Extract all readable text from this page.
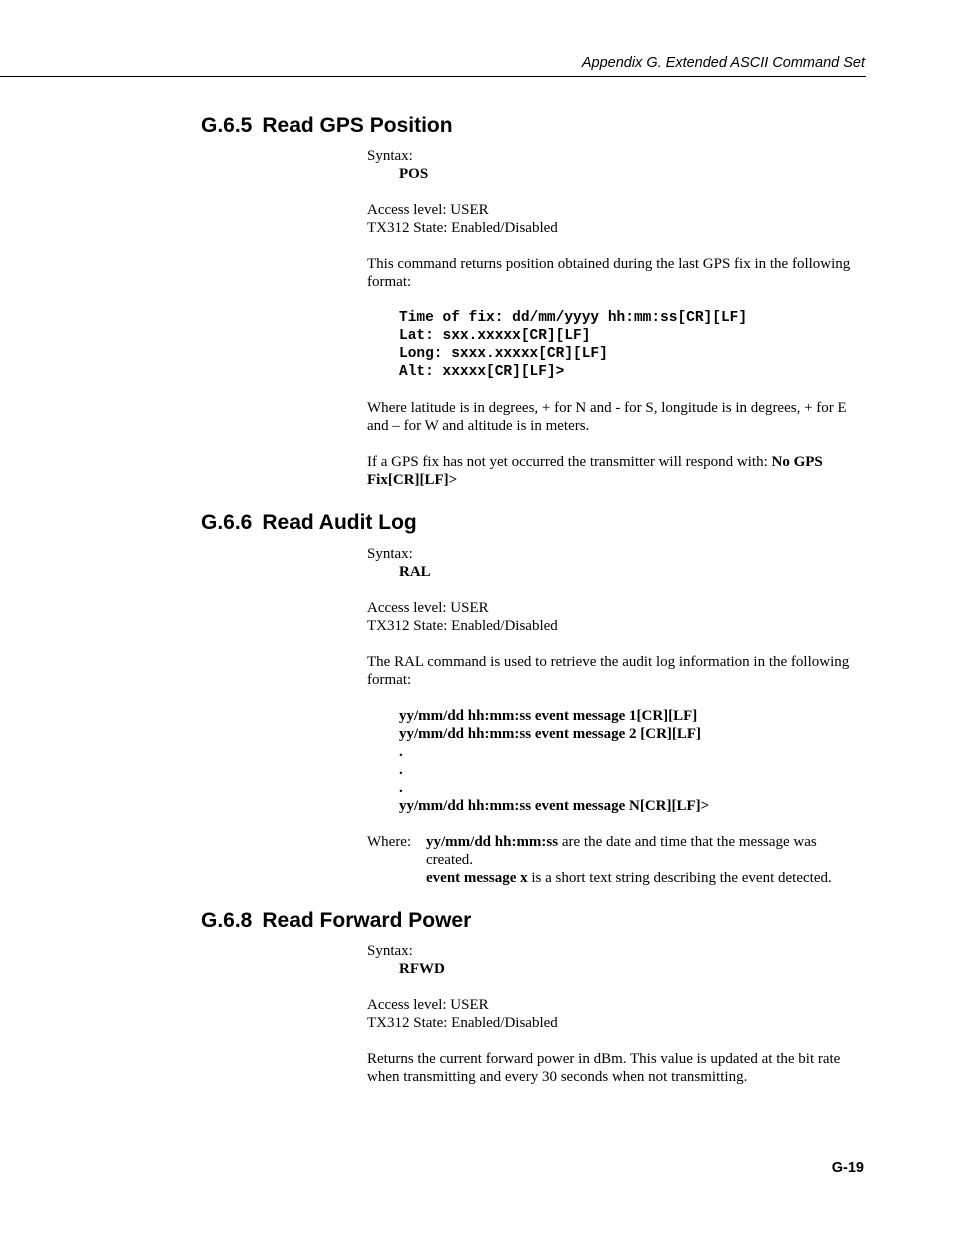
Appendix G. Extended ASCII Command Set
G.6.5 Read GPS Position
Syntax:
POS
Access level: USER
TX312 State: Enabled/Disabled
This command returns position obtained during the last GPS fix in the following format:
Time of fix: dd/mm/yyyy hh:mm:ss[CR][LF]
Lat: sxx.xxxxx[CR][LF]
Long: sxxx.xxxxx[CR][LF]
Alt: xxxxx[CR][LF]>
Where latitude is in degrees, + for N and - for S, longitude is in degrees, + for E and – for W and altitude is in meters.
If a GPS fix has not yet occurred the transmitter will respond with: No GPS Fix[CR][LF]>
G.6.6 Read Audit Log
Syntax:
RAL
Access level: USER
TX312 State: Enabled/Disabled
The RAL command is used to retrieve the audit log information in the following format:
yy/mm/dd hh:mm:ss event message 1[CR][LF]
yy/mm/dd hh:mm:ss event message 2 [CR][LF]
.
.
.
yy/mm/dd hh:mm:ss event message N[CR][LF]>
Where: yy/mm/dd hh:mm:ss are the date and time that the message was created.
event message x is a short text string describing the event detected.
G.6.8 Read Forward Power
Syntax:
RFWD
Access level: USER
TX312 State: Enabled/Disabled
Returns the current forward power in dBm. This value is updated at the bit rate when transmitting and every 30 seconds when not transmitting.
G-19
